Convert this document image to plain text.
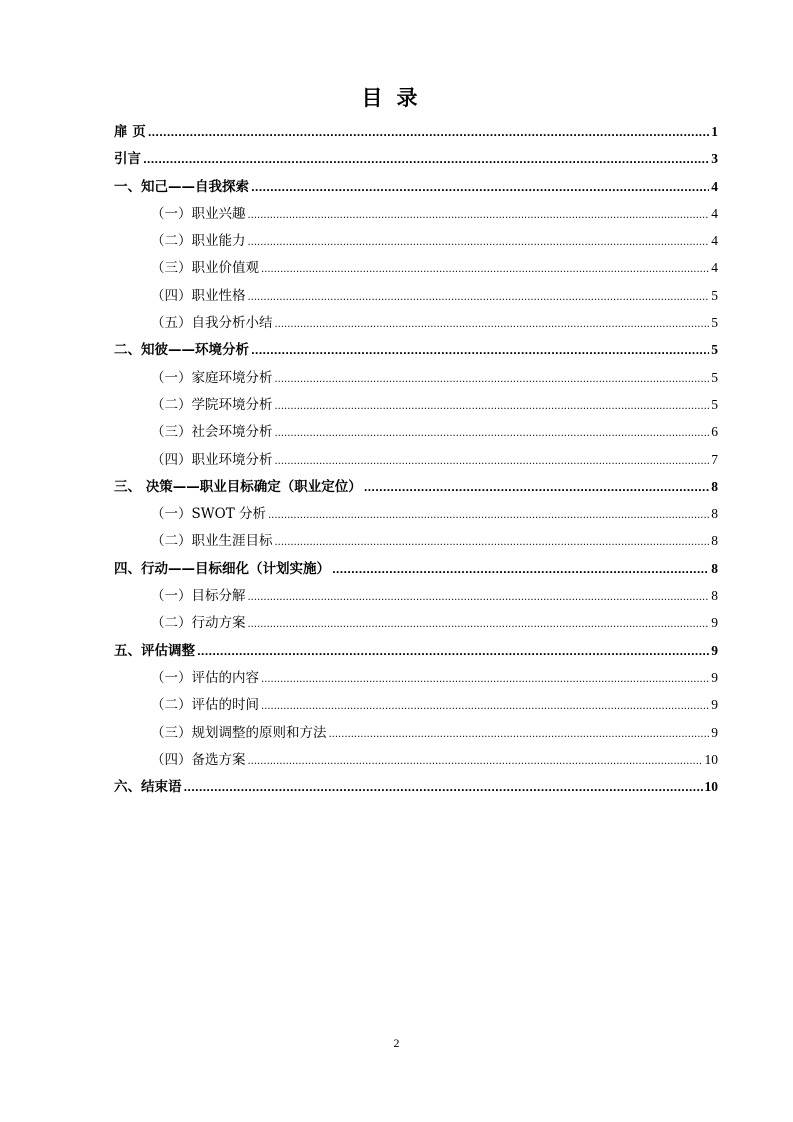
目录
扉 页 .....	1
引言 .....	3
一、知己——自我探索 .....	4
（一）职业兴趣 .....	4
（二）职业能力 .....	4
（三）职业价值观 .....	4
（四）职业性格 .....	5
（五）自我分析小结 .....	5
二、知彼——环境分析 .....	5
（一）家庭环境分析 .....	5
（二）学院环境分析 .....	5
（三）社会环境分析 .....	6
（四）职业环境分析 .....	7
三、 决策——职业目标确定（职业定位） .....	8
（一）SWOT 分析 .....	8
（二）职业生涯目标 .....	8
四、行动——目标细化（计划实施） .....	8
（一）目标分解 .....	8
（二）行动方案 .....	9
五、评估调整 .....	9
（一）评估的内容 .....	9
（二）评估的时间 .....	9
（三）规划调整的原则和方法 .....	9
（四）备选方案 .....	10
六、结束语 .....	10
2
